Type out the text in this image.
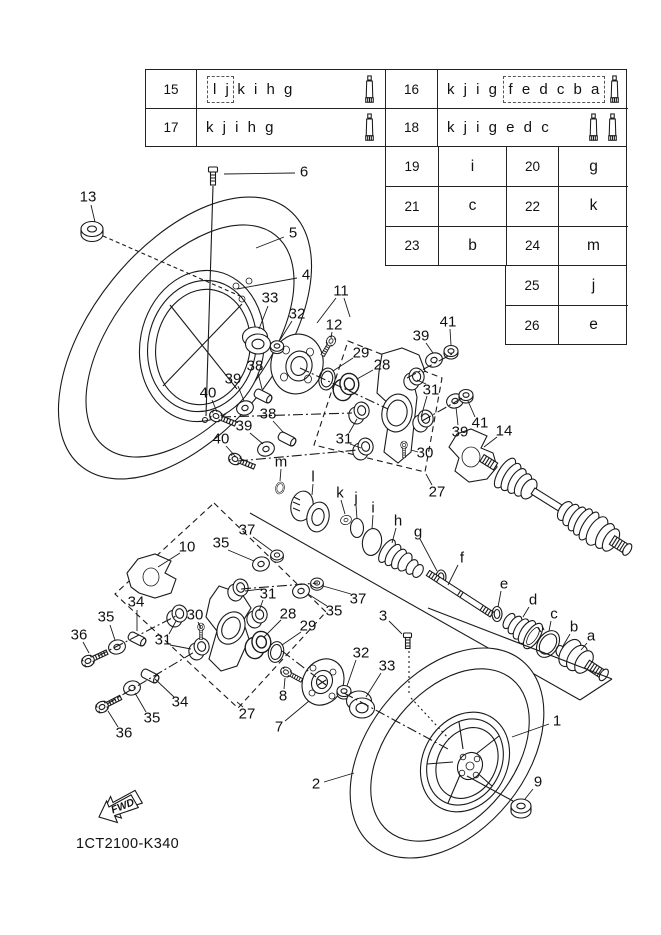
FWD
13
6
5
4
33
32
11
12
29
28
39
41
38
39
40
38
39
40	31
31
39
41
30
27
14
m
l
k j
i
h
g
f
e
d
c
b
a
10
37
35
37
35
31
31
30
34
35
36
34
35
36
27
28
29
8
7
32
33
3
2
1
9
15	l j k i h g	16	k j i g f e d c b a
17	k j i h g	18	k j i g e d c
19	i	20	g
21	c	22	k
23	b	24	m
25	j
26	e
1CT2100-K340
